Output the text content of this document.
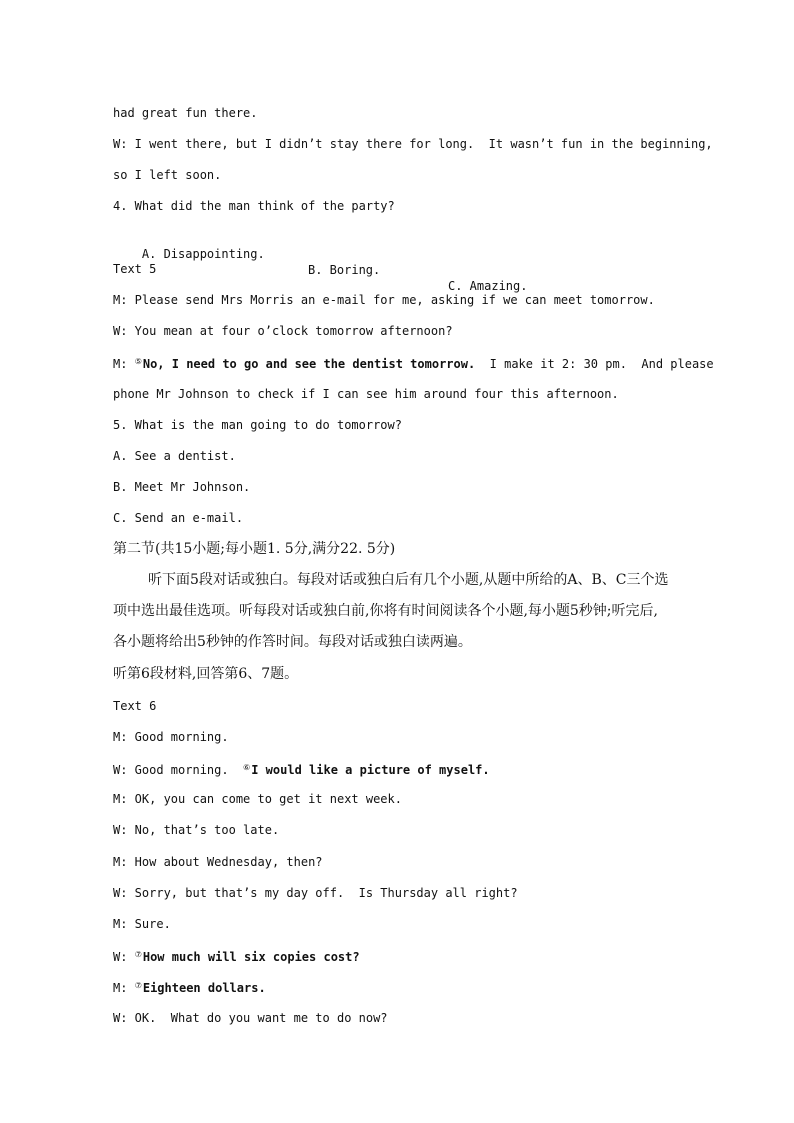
had great fun there.
W: I went there, but I didn’t stay there for long.  It wasn’t fun in the beginning,
so I left soon.
4. What did the man think of the party?

A. Disappointing.

B. Boring.

C. Amazing.

Text 5
M: Please send Mrs Morris an e-mail for me, asking if we can meet tomorrow.
W: You mean at four o’clock tomorrow afternoon?
M: ⑤No, I need to go and see the dentist tomorrow.  I make it 2: 30 pm.  And please
phone Mr Johnson to check if I can see him around four this afternoon.
5. What is the man going to do tomorrow?
A. See a dentist.
B. Meet Mr Johnson.
C. Send an e-mail.
第二节(共15小题;每小题1. 5分,满分22. 5分)
听下面5段对话或独白。每段对话或独白后有几个小题,从题中所给的A、B、C三个选
项中选出最佳选项。听每段对话或独白前,你将有时间阅读各个小题,每小题5秒钟;听完后,
各小题将给出5秒钟的作答时间。每段对话或独白读两遍。
听第6段材料,回答第6、7题。
Text 6
M: Good morning.
W: Good morning.  ⑥I would like a picture of myself.
M: OK, you can come to get it next week.
W: No, that’s too late.
M: How about Wednesday, then?
W: Sorry, but that’s my day off.  Is Thursday all right?
M: Sure.
W: ⑦How much will six copies cost?
M: ⑦Eighteen dollars.
W: OK.  What do you want me to do now?
